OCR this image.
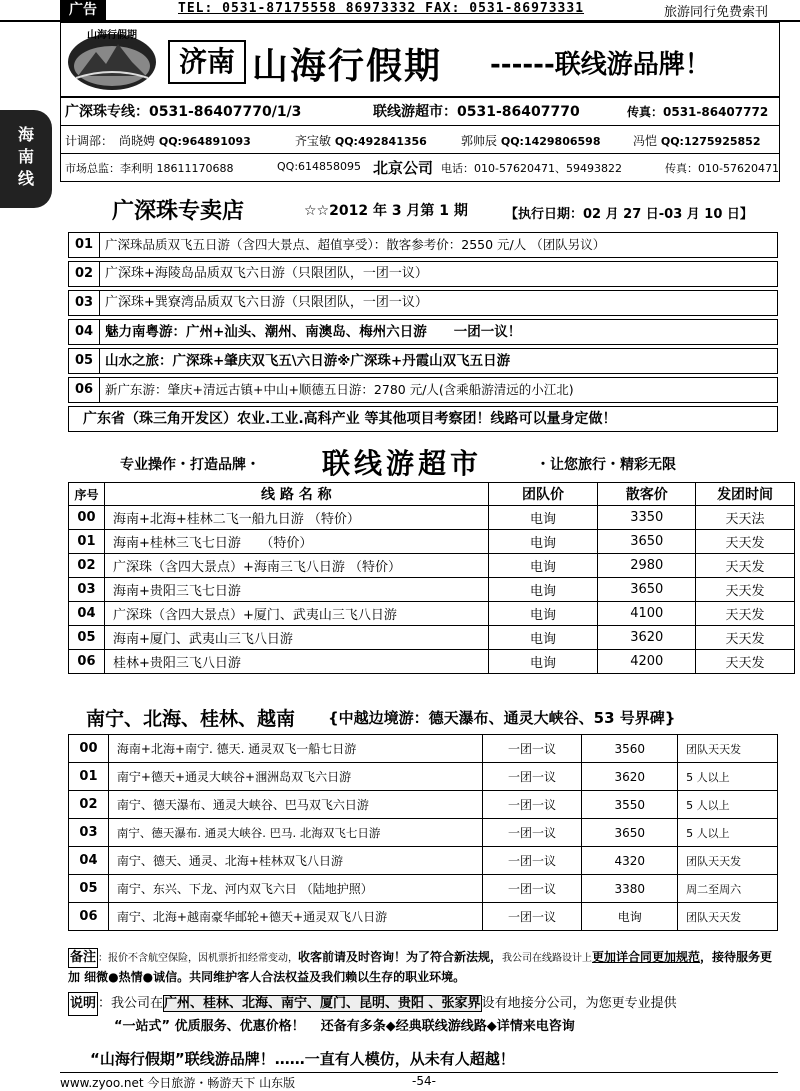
广告	TEL: 0531-87175558 86973332 FAX: 0531-86973331	旅游同行免费索刊
海
南
线
山海行假期
济南 山海行假期 ------联线游品牌！
广深珠专线：0531-86407770/1/3	联线游超市：0531-86407770	传真：0531-86407772
计调部： 尚晓娉 QQ:964891093	齐宝敏 QQ:492841356	郭帅辰 QQ:1429806598	冯恺 QQ:1275925852
市场总监：李利明 18611170688	QQ:614858095 北京公司 电话：010-57620471、59493822	传真：010-57620471
广深珠专卖店	☆☆2012 年 3 月第 1 期	【执行日期：02 月 27 日-03 月 10 日】
01 广深珠品质双飞五日游（含四大景点、超值享受）：散客参考价：2550 元/人 （团队另议）
02 广深珠+海陵岛品质双飞六日游（只限团队，一团一议）
03 广深珠+巽寮湾品质双飞六日游（只限团队，一团一议）
04 魅力南粤游：广州+汕头、潮州、南澳岛、梅州六日游　　一团一议！
05 山水之旅：广深珠+肇庆双飞五\六日游※广深珠+丹霞山双飞五日游
06 新广东游：肇庆+清远古镇+中山+顺德五日游：2780 元/人(含乘船游清远的小江北)
广东省（珠三角开发区）农业.工业.高科产业 等其他项目考察团！线路可以量身定做！
专业操作・打造品牌・ 联线游超市	・让您旅行・精彩无限
序号	线 路 名 称	团队价	散客价	发团时间
00	海南+北海+桂林二飞一船九日游 （特价）	电询	3350	天天法
01	海南+桂林三飞七日游　　（特价）	电询	3650	天天发
02	广深珠（含四大景点）+海南三飞八日游 （特价）	电询	2980	天天发
03	海南+贵阳三飞七日游	电询	3650	天天发
04	广深珠（含四大景点）+厦门、武夷山三飞八日游	电询	4100	天天发
05	海南+厦门、武夷山三飞八日游	电询	3620	天天发
06	桂林+贵阳三飞八日游	电询	4200	天天发
南宁、北海、桂林、越南 {中越边境游：德天瀑布、通灵大峡谷、53 号界碑}
00	海南+北海+南宁. 德天. 通灵双飞一船七日游	一团一议	3560	团队天天发
01	南宁+德天+通灵大峡谷+涠洲岛双飞六日游	一团一议	3620	5 人以上
02	南宁、德天瀑布、通灵大峡谷、巴马双飞六日游	一团一议	3550	5 人以上
03	南宁、德天瀑布. 通灵大峡谷. 巴马. 北海双飞七日游	一团一议	3650	5 人以上
04	南宁、德天、通灵、北海+桂林双飞八日游	一团一议	4320	团队天天发
05	南宁、东兴、下龙、河内双飞六日 （陆地护照）	一团一议	3380	周二至周六
06	南宁、北海+越南豪华邮轮+德天+通灵双飞八日游	一团一议	电询	团队天天发
备注 ：报价不含航空保险，因机票折扣经常变动，收客前请及时咨询！为了符合新法规，我公司在线路设计上更加详合同更加规范，接待服务更加 细微●热情●诚信。共同维护客人合法权益及我们赖以生存的职业环境。
说明 ：我公司在广州、桂林、北海、南宁、厦门、昆明、贵阳 、张家界设有地接分公司，为您更专业提供
“一站式” 优质服务、优惠价格！ 还备有多条◆经典联线游线路◆详情来电咨询
“山海行假期”联线游品牌！……一直有人模仿，从未有人超越！
www.zyoo.net 今日旅游・畅游天下 山东版	-54-
